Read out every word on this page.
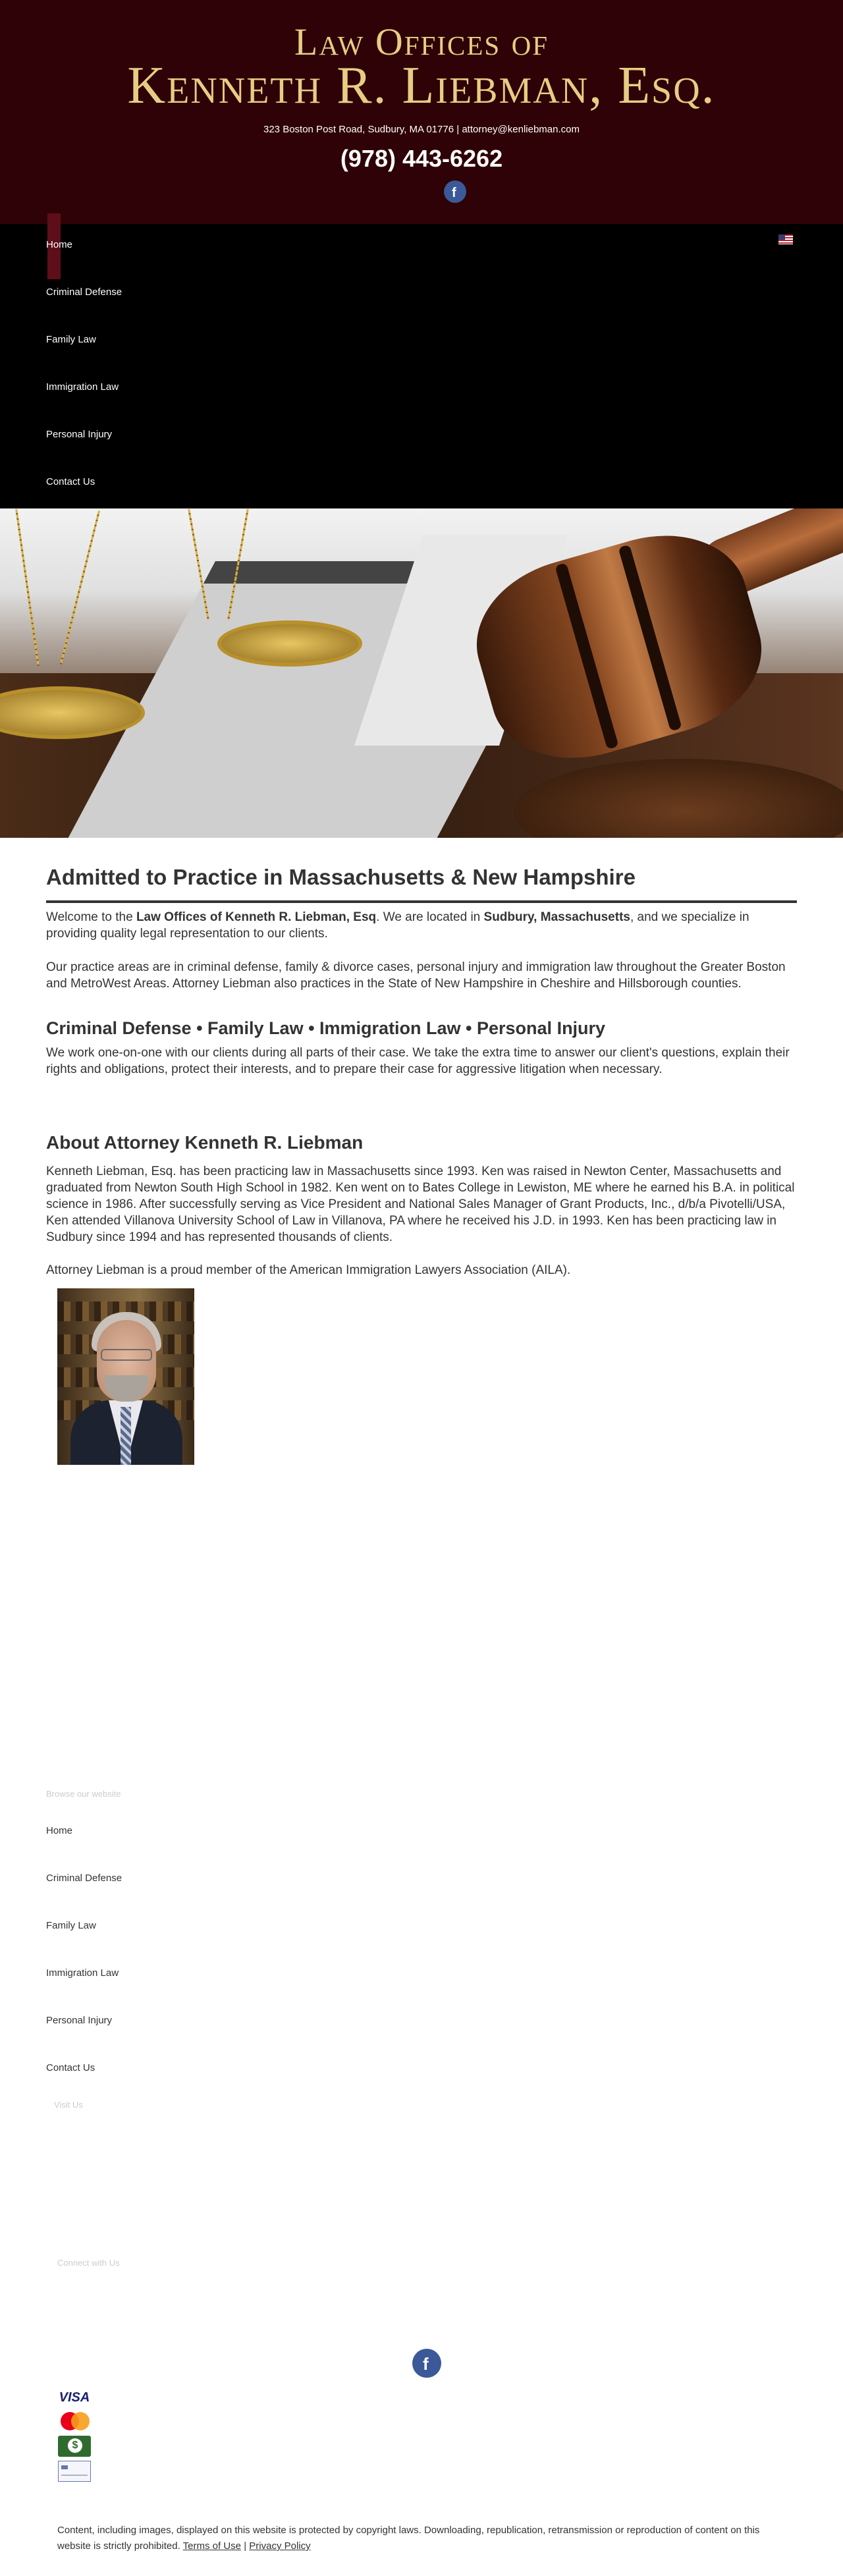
Law Offices of
Kenneth R. Liebman, Esq.
323 Boston Post Road, Sudbury, MA 01776 | attorney@kenliebman.com
(978) 443-6262
f
Home
Criminal Defense
Family Law
Immigration Law
Personal Injury
Contact Us
Admitted to Practice in Massachusetts & New Hampshire

Welcome to the Law Offices of Kenneth R. Liebman, Esq. We are located in Sudbury, Massachusetts, and we specialize in providing quality legal representation to our clients.

Our practice areas are in criminal defense, family & divorce cases, personal injury and immigration law throughout the Greater Boston and MetroWest Areas. Attorney Liebman also practices in the State of New Hampshire in Cheshire and Hillsborough counties.

Criminal Defense • Family Law • Immigration Law • Personal Injury

We work one-on-one with our clients during all parts of their case. We take the extra time to answer our client's questions, explain their rights and obligations, protect their interests, and to prepare their case for aggressive litigation when necessary.

About Attorney Kenneth R. Liebman

Kenneth Liebman, Esq. has been practicing law in Massachusetts since 1993. Ken was raised in Newton Center, Massachusetts and graduated from Newton South High School in 1982. Ken went on to Bates College in Lewiston, ME where he earned his B.A. in political science in 1986. After successfully serving as Vice President and National Sales Manager of Grant Products, Inc., d/b/a Pivotelli/USA, Ken attended Villanova University School of Law in Villanova, PA where he received his J.D. in 1993. Ken has been practicing law in Sudbury since 1994 and has represented thousands of clients.

Attorney Liebman is a proud member of the American Immigration Lawyers Association (AILA).

Browse our website
Home
Criminal Defense
Family Law
Immigration Law
Personal Injury
Contact Us
Visit Us
Connect with Us
f
VISA
$

Content, including images, displayed on this website is protected by copyright laws. Downloading, republication, retransmission or reproduction of content on this website is strictly prohibited. Terms of Use | Privacy Policy
